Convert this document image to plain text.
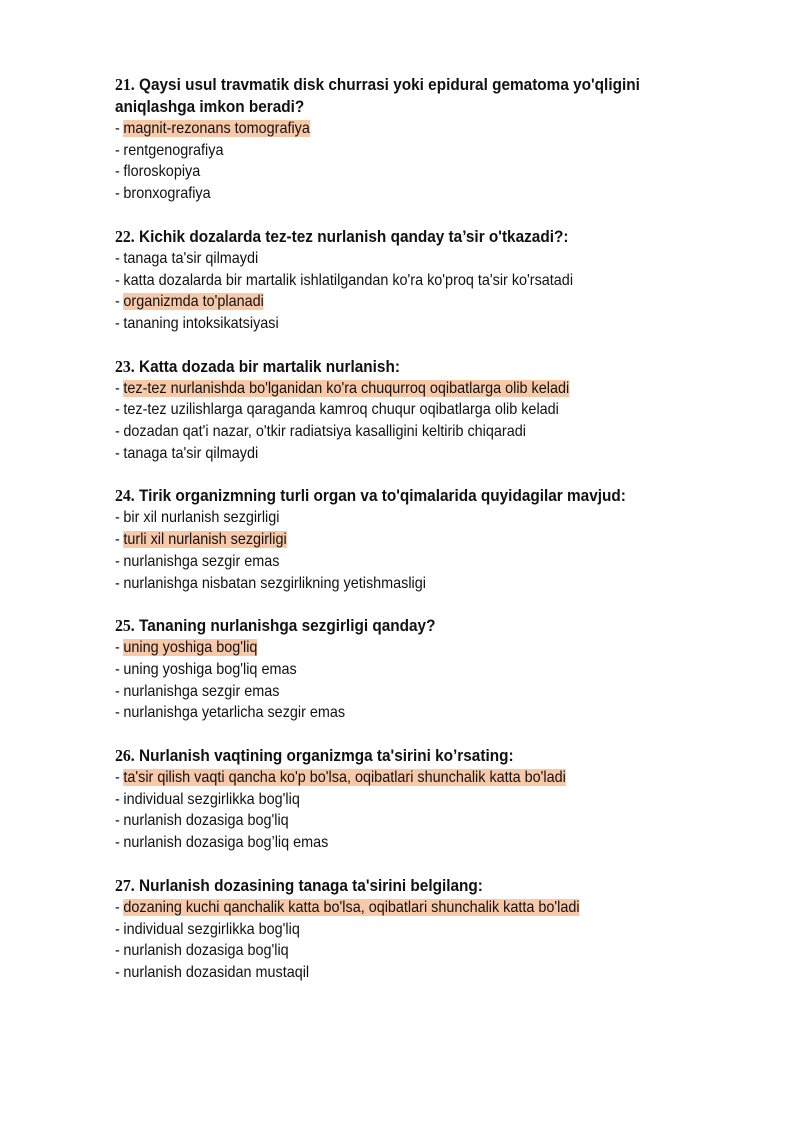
21. Qaysi usul travmatik disk churrasi yoki epidural gematoma yo'qligini aniqlashga imkon beradi?
- magnit-rezonans tomografiya
- rentgenografiya
- floroskopiya
- bronxografiya
22. Kichik dozalarda tez-tez nurlanish qanday ta’sir o'tkazadi?:
- tanaga ta'sir qilmaydi
- katta dozalarda bir martalik ishlatilgandan ko'ra ko'proq ta'sir ko'rsatadi
- organizmda to'planadi
- tananing intoksikatsiyasi
23. Katta dozada bir martalik nurlanish:
- tez-tez nurlanishda bo'lganidan ko'ra chuqurroq oqibatlarga olib keladi
- tez-tez uzilishlarga qaraganda kamroq chuqur oqibatlarga olib keladi
- dozadan qat'i nazar, o'tkir radiatsiya kasalligini keltirib chiqaradi
- tanaga ta'sir qilmaydi
24. Tirik organizmning turli organ va to'qimalarida quyidagilar mavjud:
- bir xil nurlanish sezgirligi
- turli xil nurlanish sezgirligi
- nurlanishga sezgir emas
- nurlanishga nisbatan sezgirlikning yetishmasligi
25. Tananing nurlanishga sezgirligi qanday?
- uning yoshiga bog'liq
- uning yoshiga bog'liq emas
- nurlanishga sezgir emas
- nurlanishga yetarlicha sezgir emas
26. Nurlanish vaqtining organizmga ta'sirini ko’rsating:
- ta'sir qilish vaqti qancha ko'p bo'lsa, oqibatlari shunchalik katta bo'ladi
- individual sezgirlikka bog'liq
- nurlanish dozasiga bog'liq
- nurlanish dozasiga bog’liq emas
27. Nurlanish dozasining tanaga ta'sirini belgilang:
- dozaning kuchi qanchalik katta bo'lsa, oqibatlari shunchalik katta bo'ladi
- individual sezgirlikka bog'liq
- nurlanish dozasiga bog'liq
- nurlanish dozasidan mustaqil
